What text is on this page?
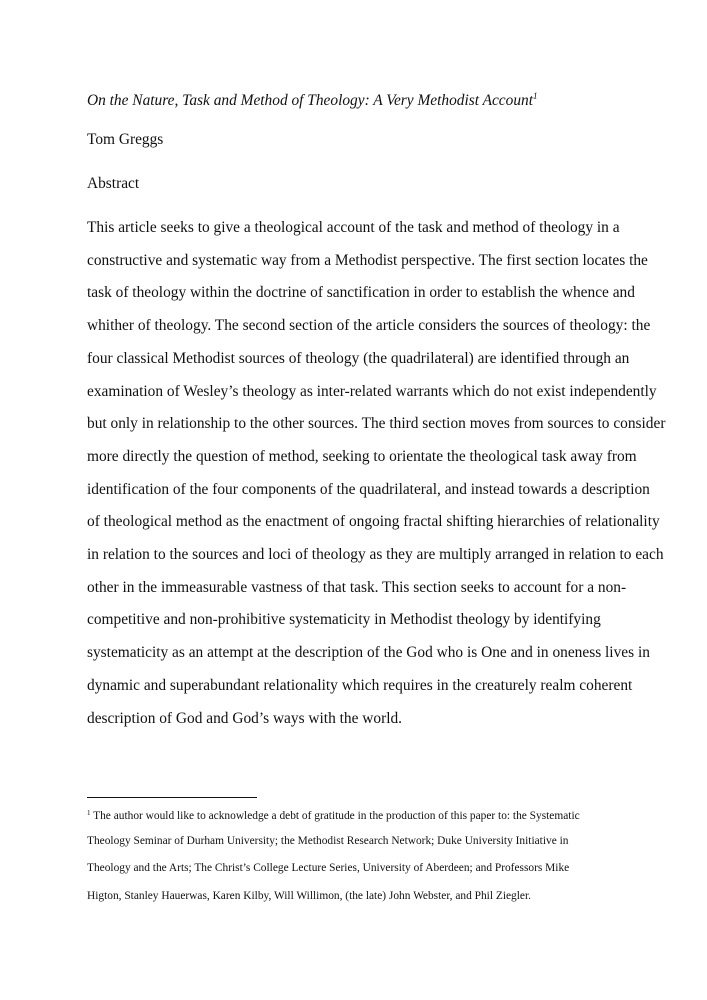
On the Nature, Task and Method of Theology: A Very Methodist Account$^1$
Tom Greggs
Abstract
This article seeks to give a theological account of the task and method of theology in a
constructive and systematic way from a Methodist perspective. The first section locates the
task of theology within the doctrine of sanctification in order to establish the whence and
whither of theology. The second section of the article considers the sources of theology: the
four classical Methodist sources of theology (the quadrilateral) are identified through an
examination of Wesley’s theology as inter-related warrants which do not exist independently
but only in relationship to the other sources. The third section moves from sources to consider
more directly the question of method, seeking to orientate the theological task away from
identification of the four components of the quadrilateral, and instead towards a description
of theological method as the enactment of ongoing fractal shifting hierarchies of relationality
in relation to the sources and loci of theology as they are multiply arranged in relation to each
other in the immeasurable vastness of that task. This section seeks to account for a non-
competitive and non-prohibitive systematicity in Methodist theology by identifying
systematicity as an attempt at the description of the God who is One and in oneness lives in
dynamic and superabundant relationality which requires in the creaturely realm coherent
description of God and God’s ways with the world.
$^1$ The author would like to acknowledge a debt of gratitude in the production of this paper to: the Systematic
Theology Seminar of Durham University; the Methodist Research Network; Duke University Initiative in
Theology and the Arts; The Christ’s College Lecture Series, University of Aberdeen; and Professors Mike
Higton, Stanley Hauerwas, Karen Kilby, Will Willimon, (the late) John Webster, and Phil Ziegler.
